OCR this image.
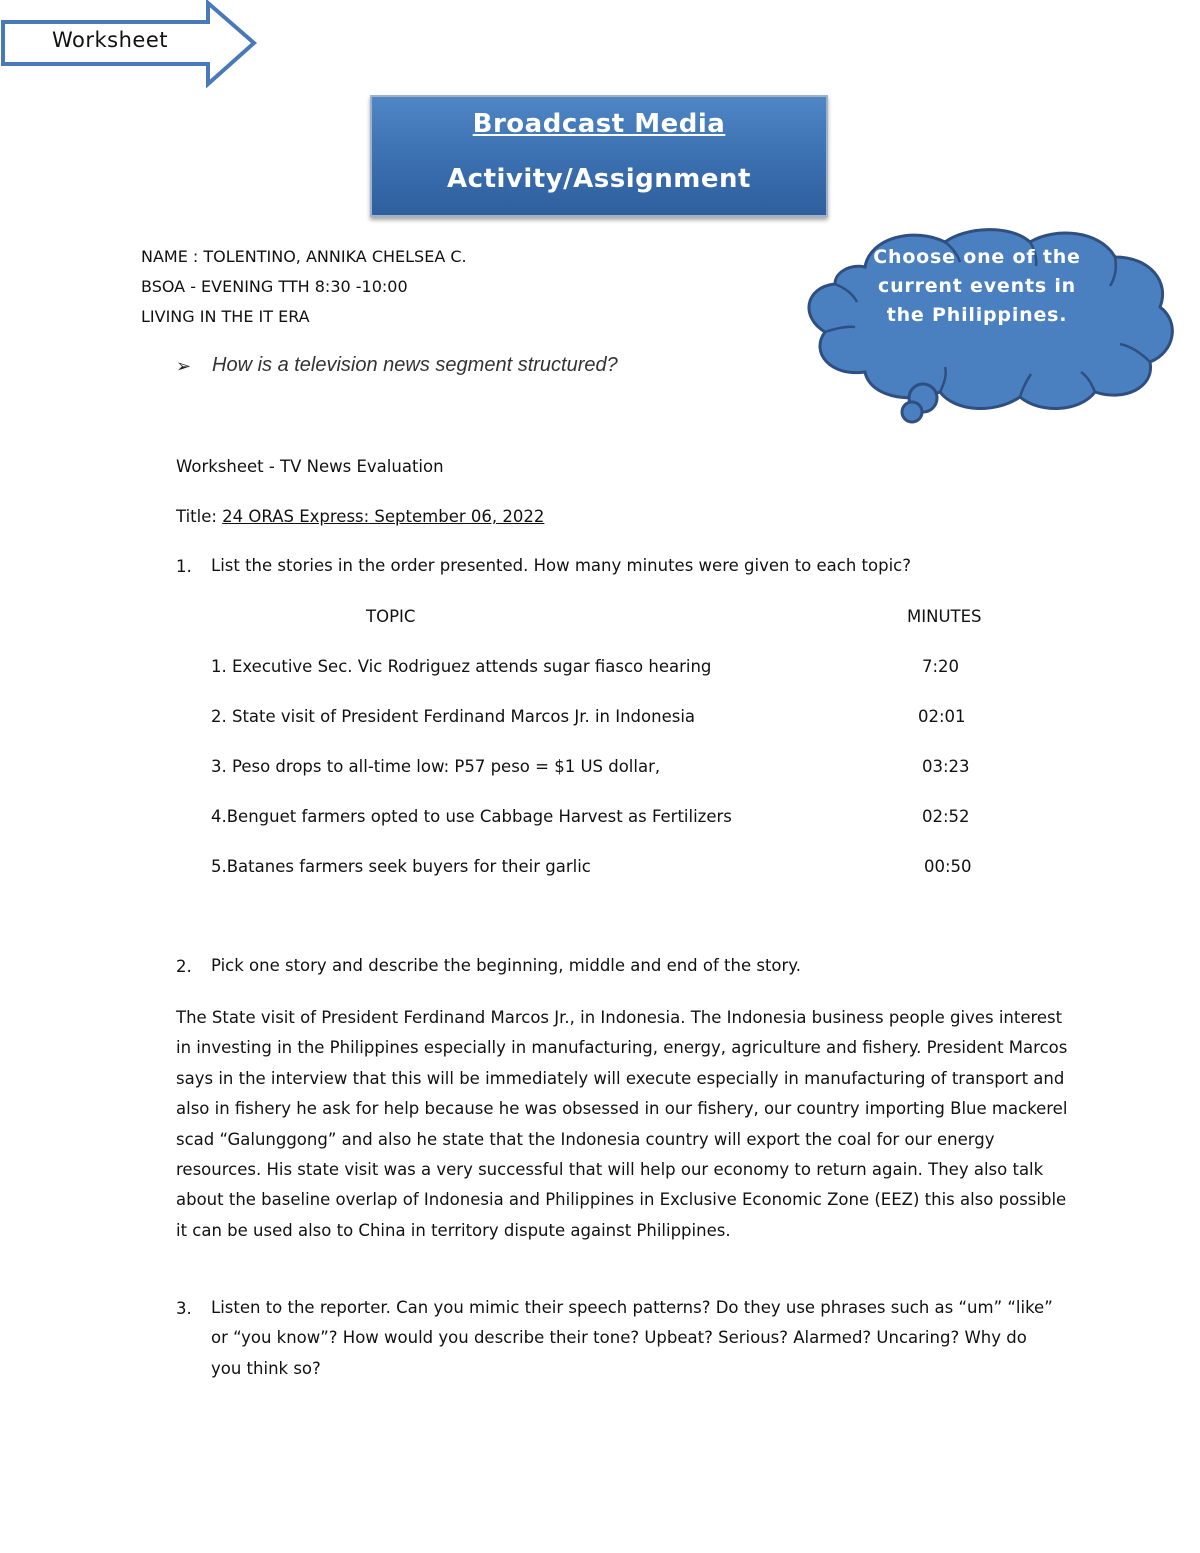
Worksheet
Broadcast Media
Activity/Assignment
Choose one of the current events in the Philippines.
NAME : TOLENTINO, ANNIKA CHELSEA C.
BSOA - EVENING TTH 8:30 -10:00
LIVING IN THE IT ERA
➢ How is a television news segment structured?
Worksheet - TV News Evaluation
Title: 24 ORAS Express: September 06, 2022
1. List the stories in the order presented. How many minutes were given to each topic?
TOPIC	MINUTES
1. Executive Sec. Vic Rodriguez attends sugar fiasco hearing	7:20
2. State visit of President Ferdinand Marcos Jr. in Indonesia	02:01
3. Peso drops to all-time low: P57 peso = $1 US dollar,	03:23
4.Benguet farmers opted to use Cabbage Harvest as Fertilizers	02:52
5.Batanes farmers seek buyers for their garlic	00:50
2. Pick one story and describe the beginning, middle and end of the story.
The State visit of President Ferdinand Marcos Jr., in Indonesia. The Indonesia business people gives interest in investing in the Philippines especially in manufacturing, energy, agriculture and fishery. President Marcos says in the interview that this will be immediately will execute especially in manufacturing of transport and also in fishery he ask for help because he was obsessed in our fishery, our country importing Blue mackerel scad “Galunggong” and also he state that the Indonesia country will export the coal for our energy resources. His state visit was a very successful that will help our economy to return again. They also talk about the baseline overlap of Indonesia and Philippines in Exclusive Economic Zone (EEZ) this also possible it can be used also to China in territory dispute against Philippines.
3. Listen to the reporter. Can you mimic their speech patterns? Do they use phrases such as “um” “like” or “you know”? How would you describe their tone? Upbeat? Serious? Alarmed? Uncaring? Why do you think so?
